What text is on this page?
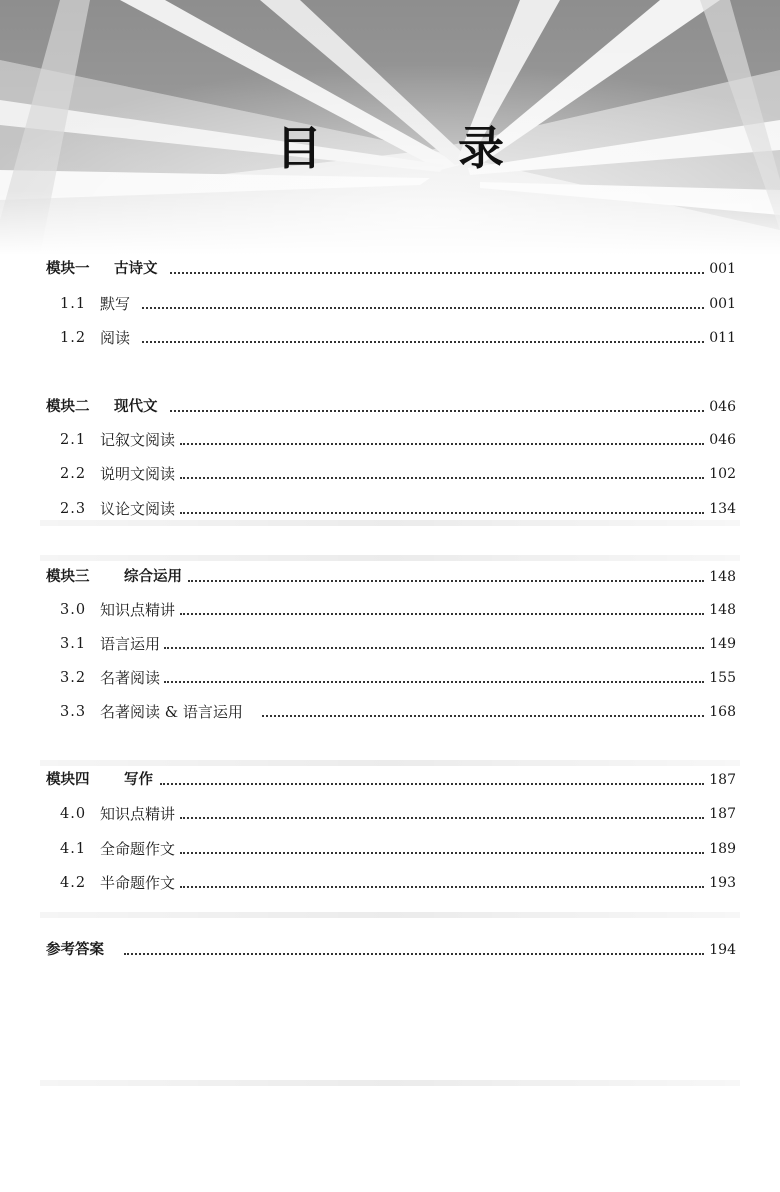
目 录
模块一 古诗文	001
1.1 默写	001
1.2 阅读	011
模块二 现代文	046
2.1 记叙文阅读	046
2.2 说明文阅读	102
2.3 议论文阅读	134
模块三 综合运用	148
3.0 知识点精讲	148
3.1 语言运用	149
3.2 名著阅读	155
3.3 名著阅读 & 语言运用	168
模块四 写作	187
4.0 知识点精讲	187
4.1 全命题作文	189
4.2 半命题作文	193
参考答案	194
